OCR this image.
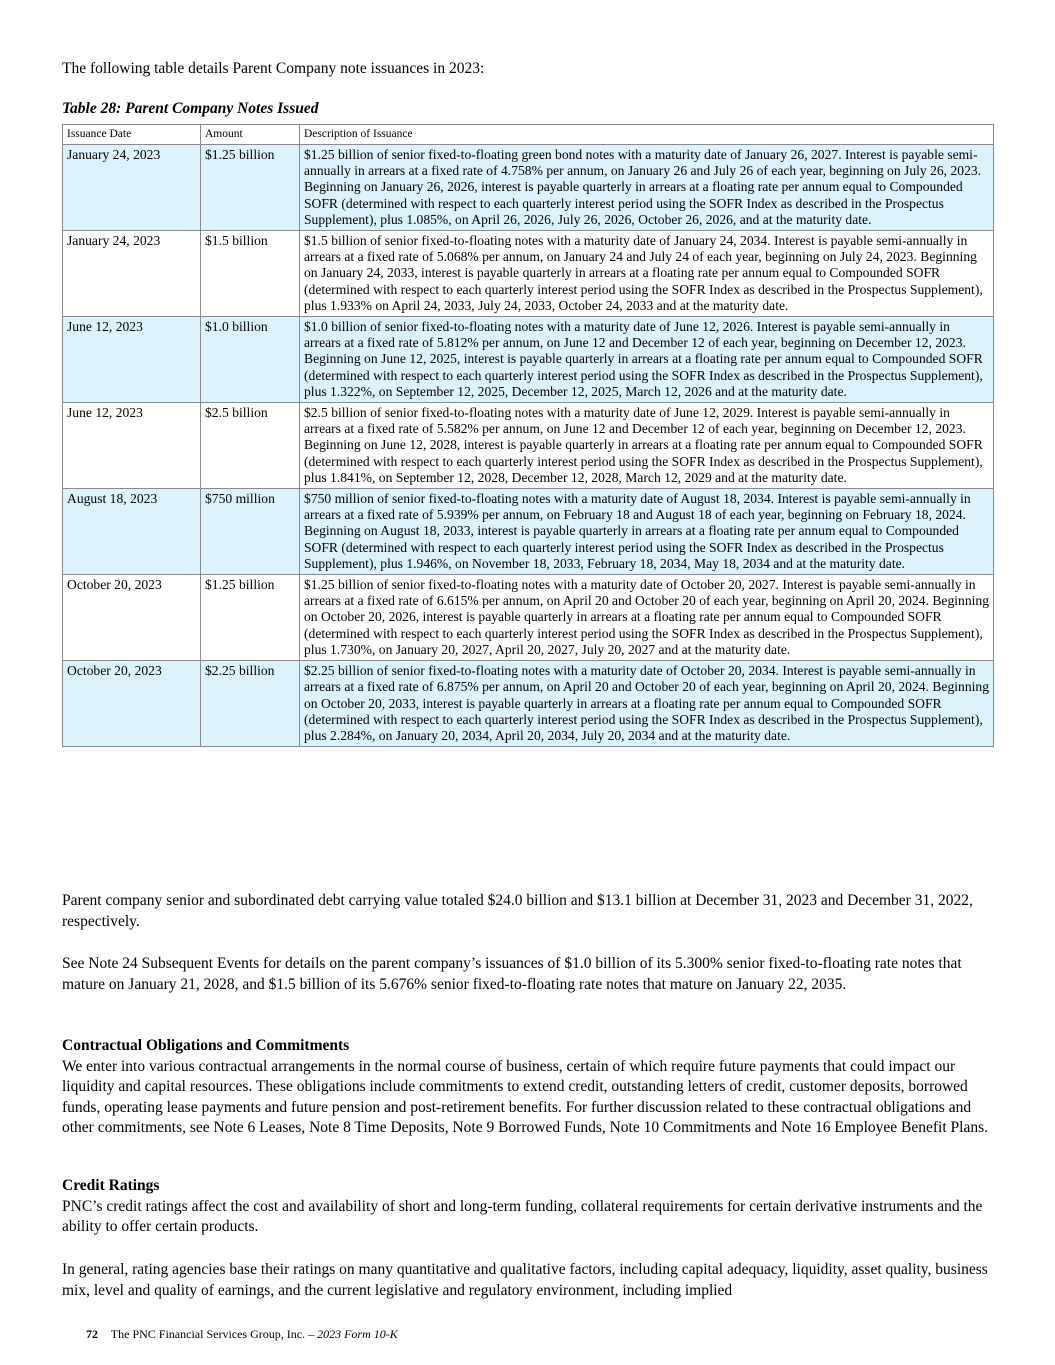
The following table details Parent Company note issuances in 2023:

Table 28: Parent Company Notes Issued

Issuance Date	Amount	Description of Issuance
January 24, 2023	$1.25 billion	$1.25 billion of senior fixed-to-floating green bond notes with a maturity date of January 26, 2027. Interest is payable semi-annually in arrears at a fixed rate of 4.758% per annum, on January 26 and July 26 of each year, beginning on July 26, 2023. Beginning on January 26, 2026, interest is payable quarterly in arrears at a floating rate per annum equal to Compounded SOFR (determined with respect to each quarterly interest period using the SOFR Index as described in the Prospectus Supplement), plus 1.085%, on April 26, 2026, July 26, 2026, October 26, 2026, and at the maturity date.
January 24, 2023	$1.5 billion	$1.5 billion of senior fixed-to-floating notes with a maturity date of January 24, 2034. Interest is payable semi-annually in arrears at a fixed rate of 5.068% per annum, on January 24 and July 24 of each year, beginning on July 24, 2023. Beginning on January 24, 2033, interest is payable quarterly in arrears at a floating rate per annum equal to Compounded SOFR (determined with respect to each quarterly interest period using the SOFR Index as described in the Prospectus Supplement), plus 1.933% on April 24, 2033, July 24, 2033, October 24, 2033 and at the maturity date.
June 12, 2023	$1.0 billion	$1.0 billion of senior fixed-to-floating notes with a maturity date of June 12, 2026. Interest is payable semi-annually in arrears at a fixed rate of 5.812% per annum, on June 12 and December 12 of each year, beginning on December 12, 2023. Beginning on June 12, 2025, interest is payable quarterly in arrears at a floating rate per annum equal to Compounded SOFR (determined with respect to each quarterly interest period using the SOFR Index as described in the Prospectus Supplement), plus 1.322%, on September 12, 2025, December 12, 2025, March 12, 2026 and at the maturity date.
June 12, 2023	$2.5 billion	$2.5 billion of senior fixed-to-floating notes with a maturity date of June 12, 2029. Interest is payable semi-annually in arrears at a fixed rate of 5.582% per annum, on June 12 and December 12 of each year, beginning on December 12, 2023. Beginning on June 12, 2028, interest is payable quarterly in arrears at a floating rate per annum equal to Compounded SOFR (determined with respect to each quarterly interest period using the SOFR Index as described in the Prospectus Supplement), plus 1.841%, on September 12, 2028, December 12, 2028, March 12, 2029 and at the maturity date.
August 18, 2023	$750 million	$750 million of senior fixed-to-floating notes with a maturity date of August 18, 2034. Interest is payable semi-annually in arrears at a fixed rate of 5.939% per annum, on February 18 and August 18 of each year, beginning on February 18, 2024. Beginning on August 18, 2033, interest is payable quarterly in arrears at a floating rate per annum equal to Compounded SOFR (determined with respect to each quarterly interest period using the SOFR Index as described in the Prospectus Supplement), plus 1.946%, on November 18, 2033, February 18, 2034, May 18, 2034 and at the maturity date.
October 20, 2023	$1.25 billion	$1.25 billion of senior fixed-to-floating notes with a maturity date of October 20, 2027. Interest is payable semi-annually in arrears at a fixed rate of 6.615% per annum, on April 20 and October 20 of each year, beginning on April 20, 2024. Beginning on October 20, 2026, interest is payable quarterly in arrears at a floating rate per annum equal to Compounded SOFR (determined with respect to each quarterly interest period using the SOFR Index as described in the Prospectus Supplement), plus 1.730%, on January 20, 2027, April 20, 2027, July 20, 2027 and at the maturity date.
October 20, 2023	$2.25 billion	$2.25 billion of senior fixed-to-floating notes with a maturity date of October 20, 2034. Interest is payable semi-annually in arrears at a fixed rate of 6.875% per annum, on April 20 and October 20 of each year, beginning on April 20, 2024. Beginning on October 20, 2033, interest is payable quarterly in arrears at a floating rate per annum equal to Compounded SOFR (determined with respect to each quarterly interest period using the SOFR Index as described in the Prospectus Supplement), plus 2.284%, on January 20, 2034, April 20, 2034, July 20, 2034 and at the maturity date.

Parent company senior and subordinated debt carrying value totaled $24.0 billion and $13.1 billion at December 31, 2023 and December 31, 2022, respectively.

See Note 24 Subsequent Events for details on the parent company’s issuances of $1.0 billion of its 5.300% senior fixed-to-floating rate notes that mature on January 21, 2028, and $1.5 billion of its 5.676% senior fixed-to-floating rate notes that mature on January 22, 2035.

Contractual Obligations and Commitments
We enter into various contractual arrangements in the normal course of business, certain of which require future payments that could impact our liquidity and capital resources. These obligations include commitments to extend credit, outstanding letters of credit, customer deposits, borrowed funds, operating lease payments and future pension and post-retirement benefits. For further discussion related to these contractual obligations and other commitments, see Note 6 Leases, Note 8 Time Deposits, Note 9 Borrowed Funds, Note 10 Commitments and Note 16 Employee Benefit Plans.
Credit Ratings
PNC’s credit ratings affect the cost and availability of short and long-term funding, collateral requirements for certain derivative instruments and the ability to offer certain products.

In general, rating agencies base their ratings on many quantitative and qualitative factors, including capital adequacy, liquidity, asset quality, business mix, level and quality of earnings, and the current legislative and regulatory environment, including implied

72 The PNC Financial Services Group, Inc. – 2023 Form 10-K
